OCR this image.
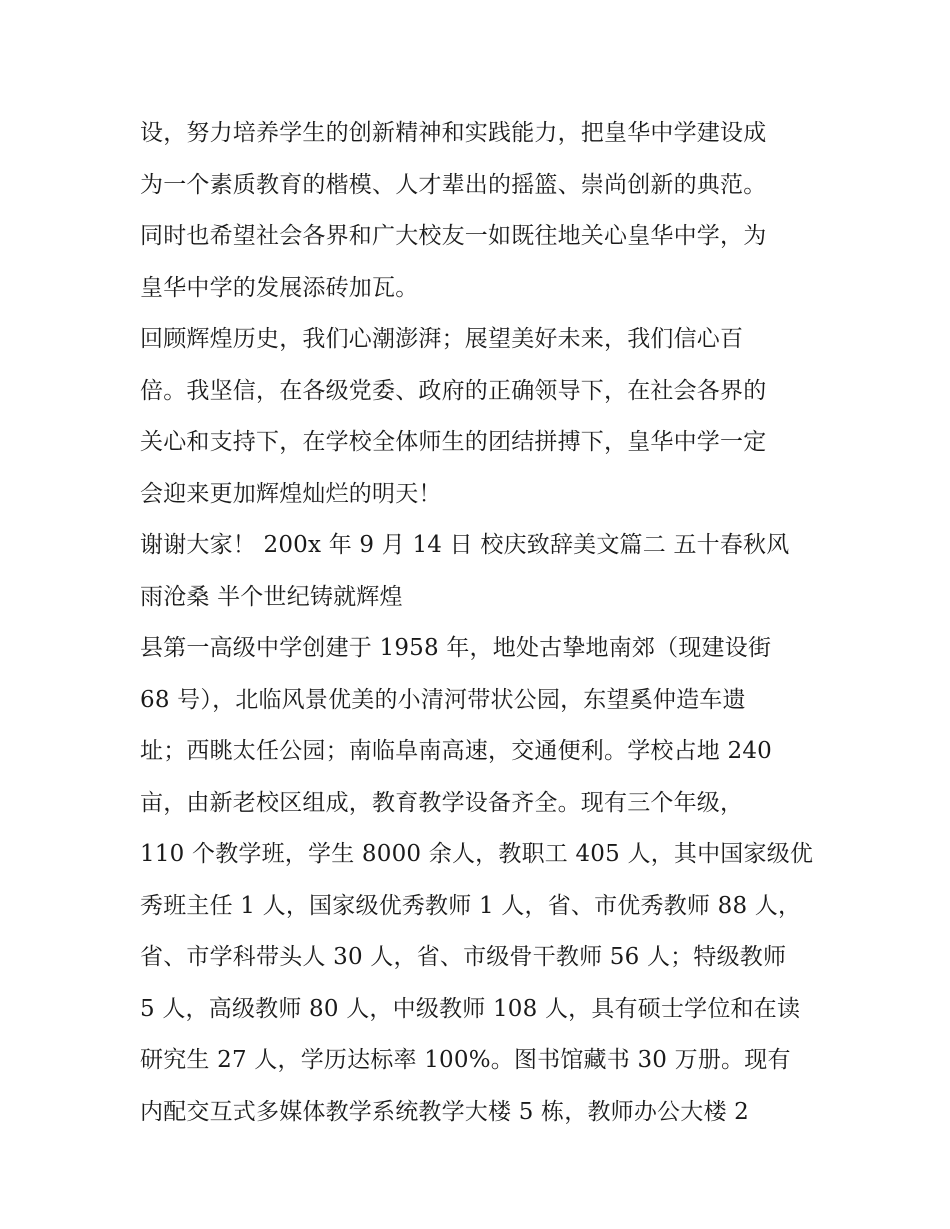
设，努力培养学生的创新精神和实践能力，把皇华中学建设成
为一个素质教育的楷模、人才辈出的摇篮、崇尚创新的典范。
同时也希望社会各界和广大校友一如既往地关心皇华中学，为
皇华中学的发展添砖加瓦。
回顾辉煌历史，我们心潮澎湃；展望美好未来，我们信心百
倍。我坚信，在各级党委、政府的正确领导下，在社会各界的
关心和支持下，在学校全体师生的团结拼搏下，皇华中学一定
会迎来更加辉煌灿烂的明天！
谢谢大家！ 200x 年 9 月 14 日 校庆致辞美文篇二 五十春秋风
雨沧桑 半个世纪铸就辉煌
县第一高级中学创建于 1958 年，地处古挚地南郊（现建设街
68 号），北临风景优美的小清河带状公园，东望奚仲造车遗
址；西眺太任公园；南临阜南高速，交通便利。学校占地 240
亩，由新老校区组成，教育教学设备齐全。现有三个年级，
110 个教学班，学生 8000 余人，教职工 405 人，其中国家级优
秀班主任 1 人，国家级优秀教师 1 人，省、市优秀教师 88 人，
省、市学科带头人 30 人，省、市级骨干教师 56 人；特级教师
5 人，高级教师 80 人，中级教师 108 人，具有硕士学位和在读
研究生 27 人，学历达标率 100%。图书馆藏书 30 万册。现有
内配交互式多媒体教学系统教学大楼 5 栋，教师办公大楼 2
